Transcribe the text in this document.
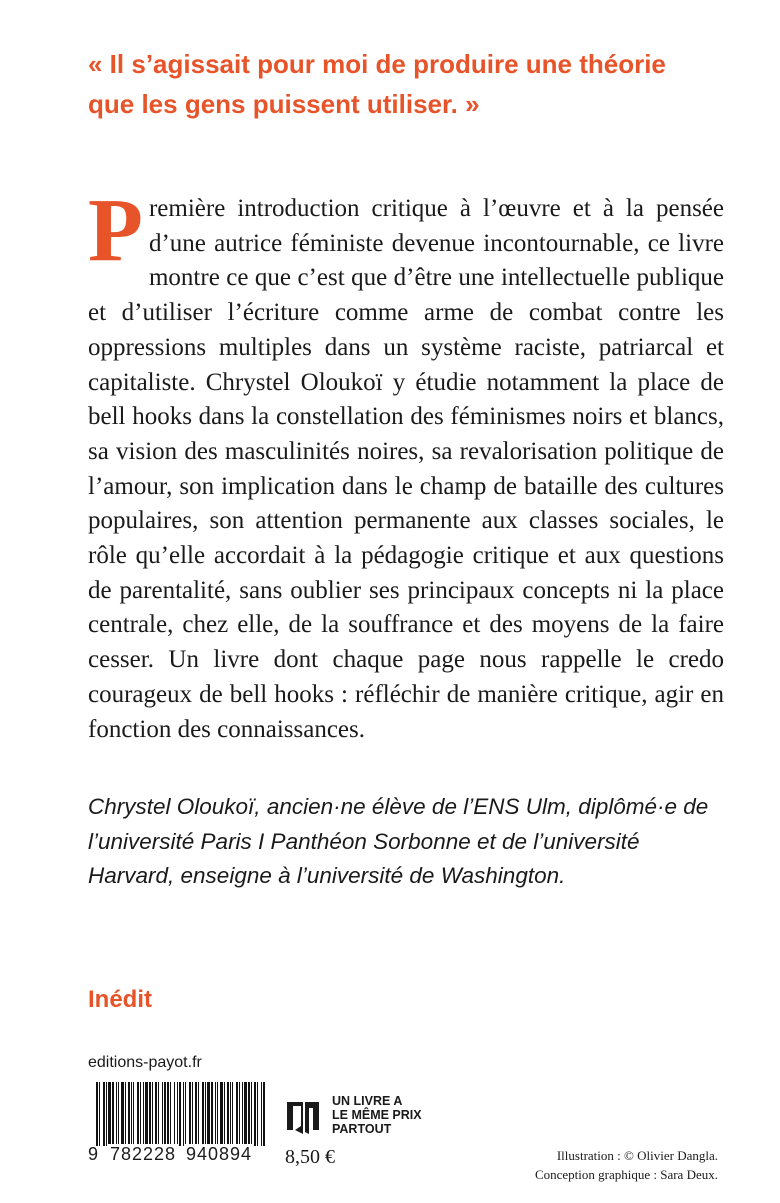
« Il s’agissait pour moi de produire une théorie
que les gens puissent utiliser. »

Première introduction critique à l’œuvre et à la pensée d’une autrice féministe devenue incontournable, ce livre montre ce que c’est que d’être une intellectuelle publique et d’utiliser l’écriture comme arme de combat contre les oppressions multiples dans un système raciste, patriarcal et capitaliste. Chrystel Oloukoï y étudie notamment la place de bell hooks dans la constellation des féminismes noirs et blancs, sa vision des masculinités noires, sa revalorisation politique de l’amour, son implication dans le champ de bataille des cultures populaires, son attention permanente aux classes sociales, le rôle qu’elle accordait à la pédagogie critique et aux questions de parentalité, sans oublier ses principaux concepts ni la place centrale, chez elle, de la souffrance et des moyens de la faire cesser. Un livre dont chaque page nous rappelle le credo courageux de bell hooks : réfléchir de manière critique, agir en fonction des connaissances.

Chrystel Oloukoï, ancien·ne élève de l’ENS Ulm, diplômé·e de l’université Paris I Panthéon Sorbonne et de l’université Harvard, enseigne à l’université de Washington.

Inédit

editions-payot.fr
9 782228 940894
UN LIVRE A
LE MÊME PRIX
PARTOUT
8,50 €	Illustration : © Olivier Dangla.
Conception graphique : Sara Deux.
